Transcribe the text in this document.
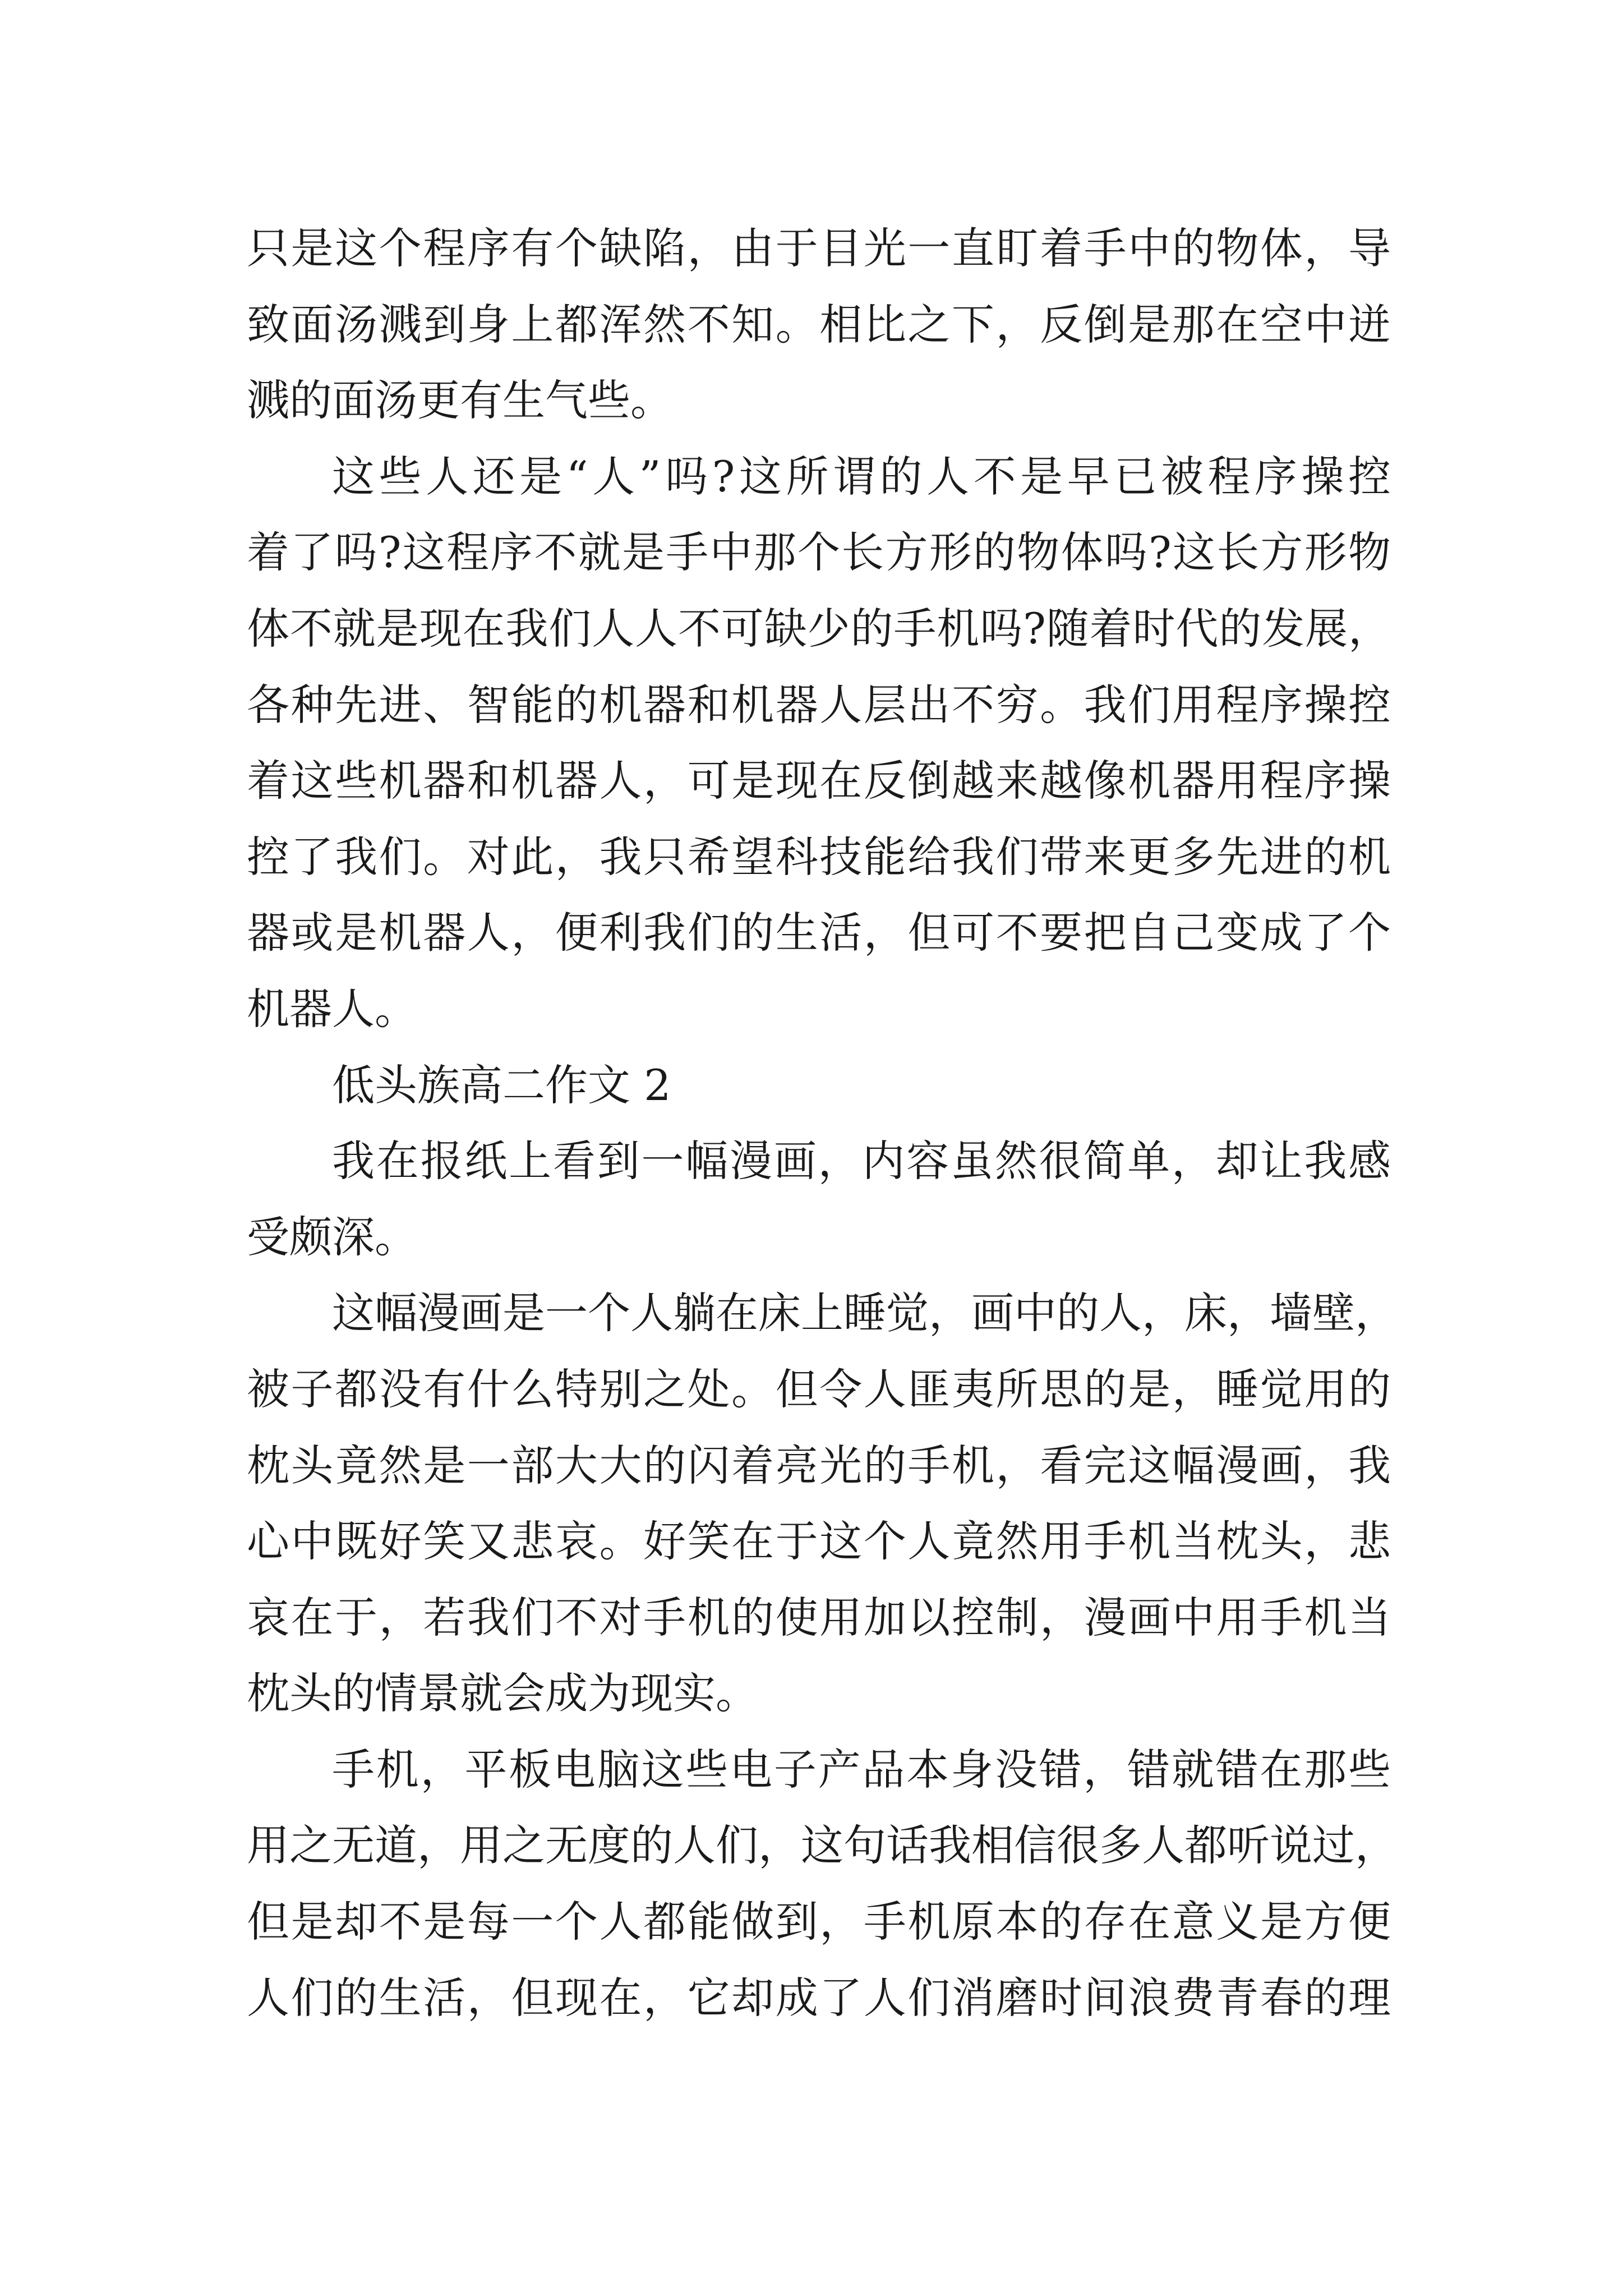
只是这个程序有个缺陷，由于目光一直盯着手中的物体，导
致面汤溅到身上都浑然不知。相比之下，反倒是那在空中迸
溅的面汤更有生气些。
这些人还是“人”吗?这所谓的人不是早已被程序操控
着了吗?这程序不就是手中那个长方形的物体吗?这长方形物
体不就是现在我们人人不可缺少的手机吗?随着时代的发展，
各种先进、智能的机器和机器人层出不穷。我们用程序操控
着这些机器和机器人，可是现在反倒越来越像机器用程序操
控了我们。对此，我只希望科技能给我们带来更多先进的机
器或是机器人，便利我们的生活，但可不要把自己变成了个
机器人。
低头族高二作文 2
我在报纸上看到一幅漫画，内容虽然很简单，却让我感
受颇深。
这幅漫画是一个人躺在床上睡觉，画中的人，床，墙壁，
被子都没有什么特别之处。但令人匪夷所思的是，睡觉用的
枕头竟然是一部大大的闪着亮光的手机，看完这幅漫画，我
心中既好笑又悲哀。好笑在于这个人竟然用手机当枕头，悲
哀在于，若我们不对手机的使用加以控制，漫画中用手机当
枕头的情景就会成为现实。
手机，平板电脑这些电子产品本身没错，错就错在那些
用之无道，用之无度的人们，这句话我相信很多人都听说过，
但是却不是每一个人都能做到，手机原本的存在意义是方便
人们的生活，但现在，它却成了人们消磨时间浪费青春的理
